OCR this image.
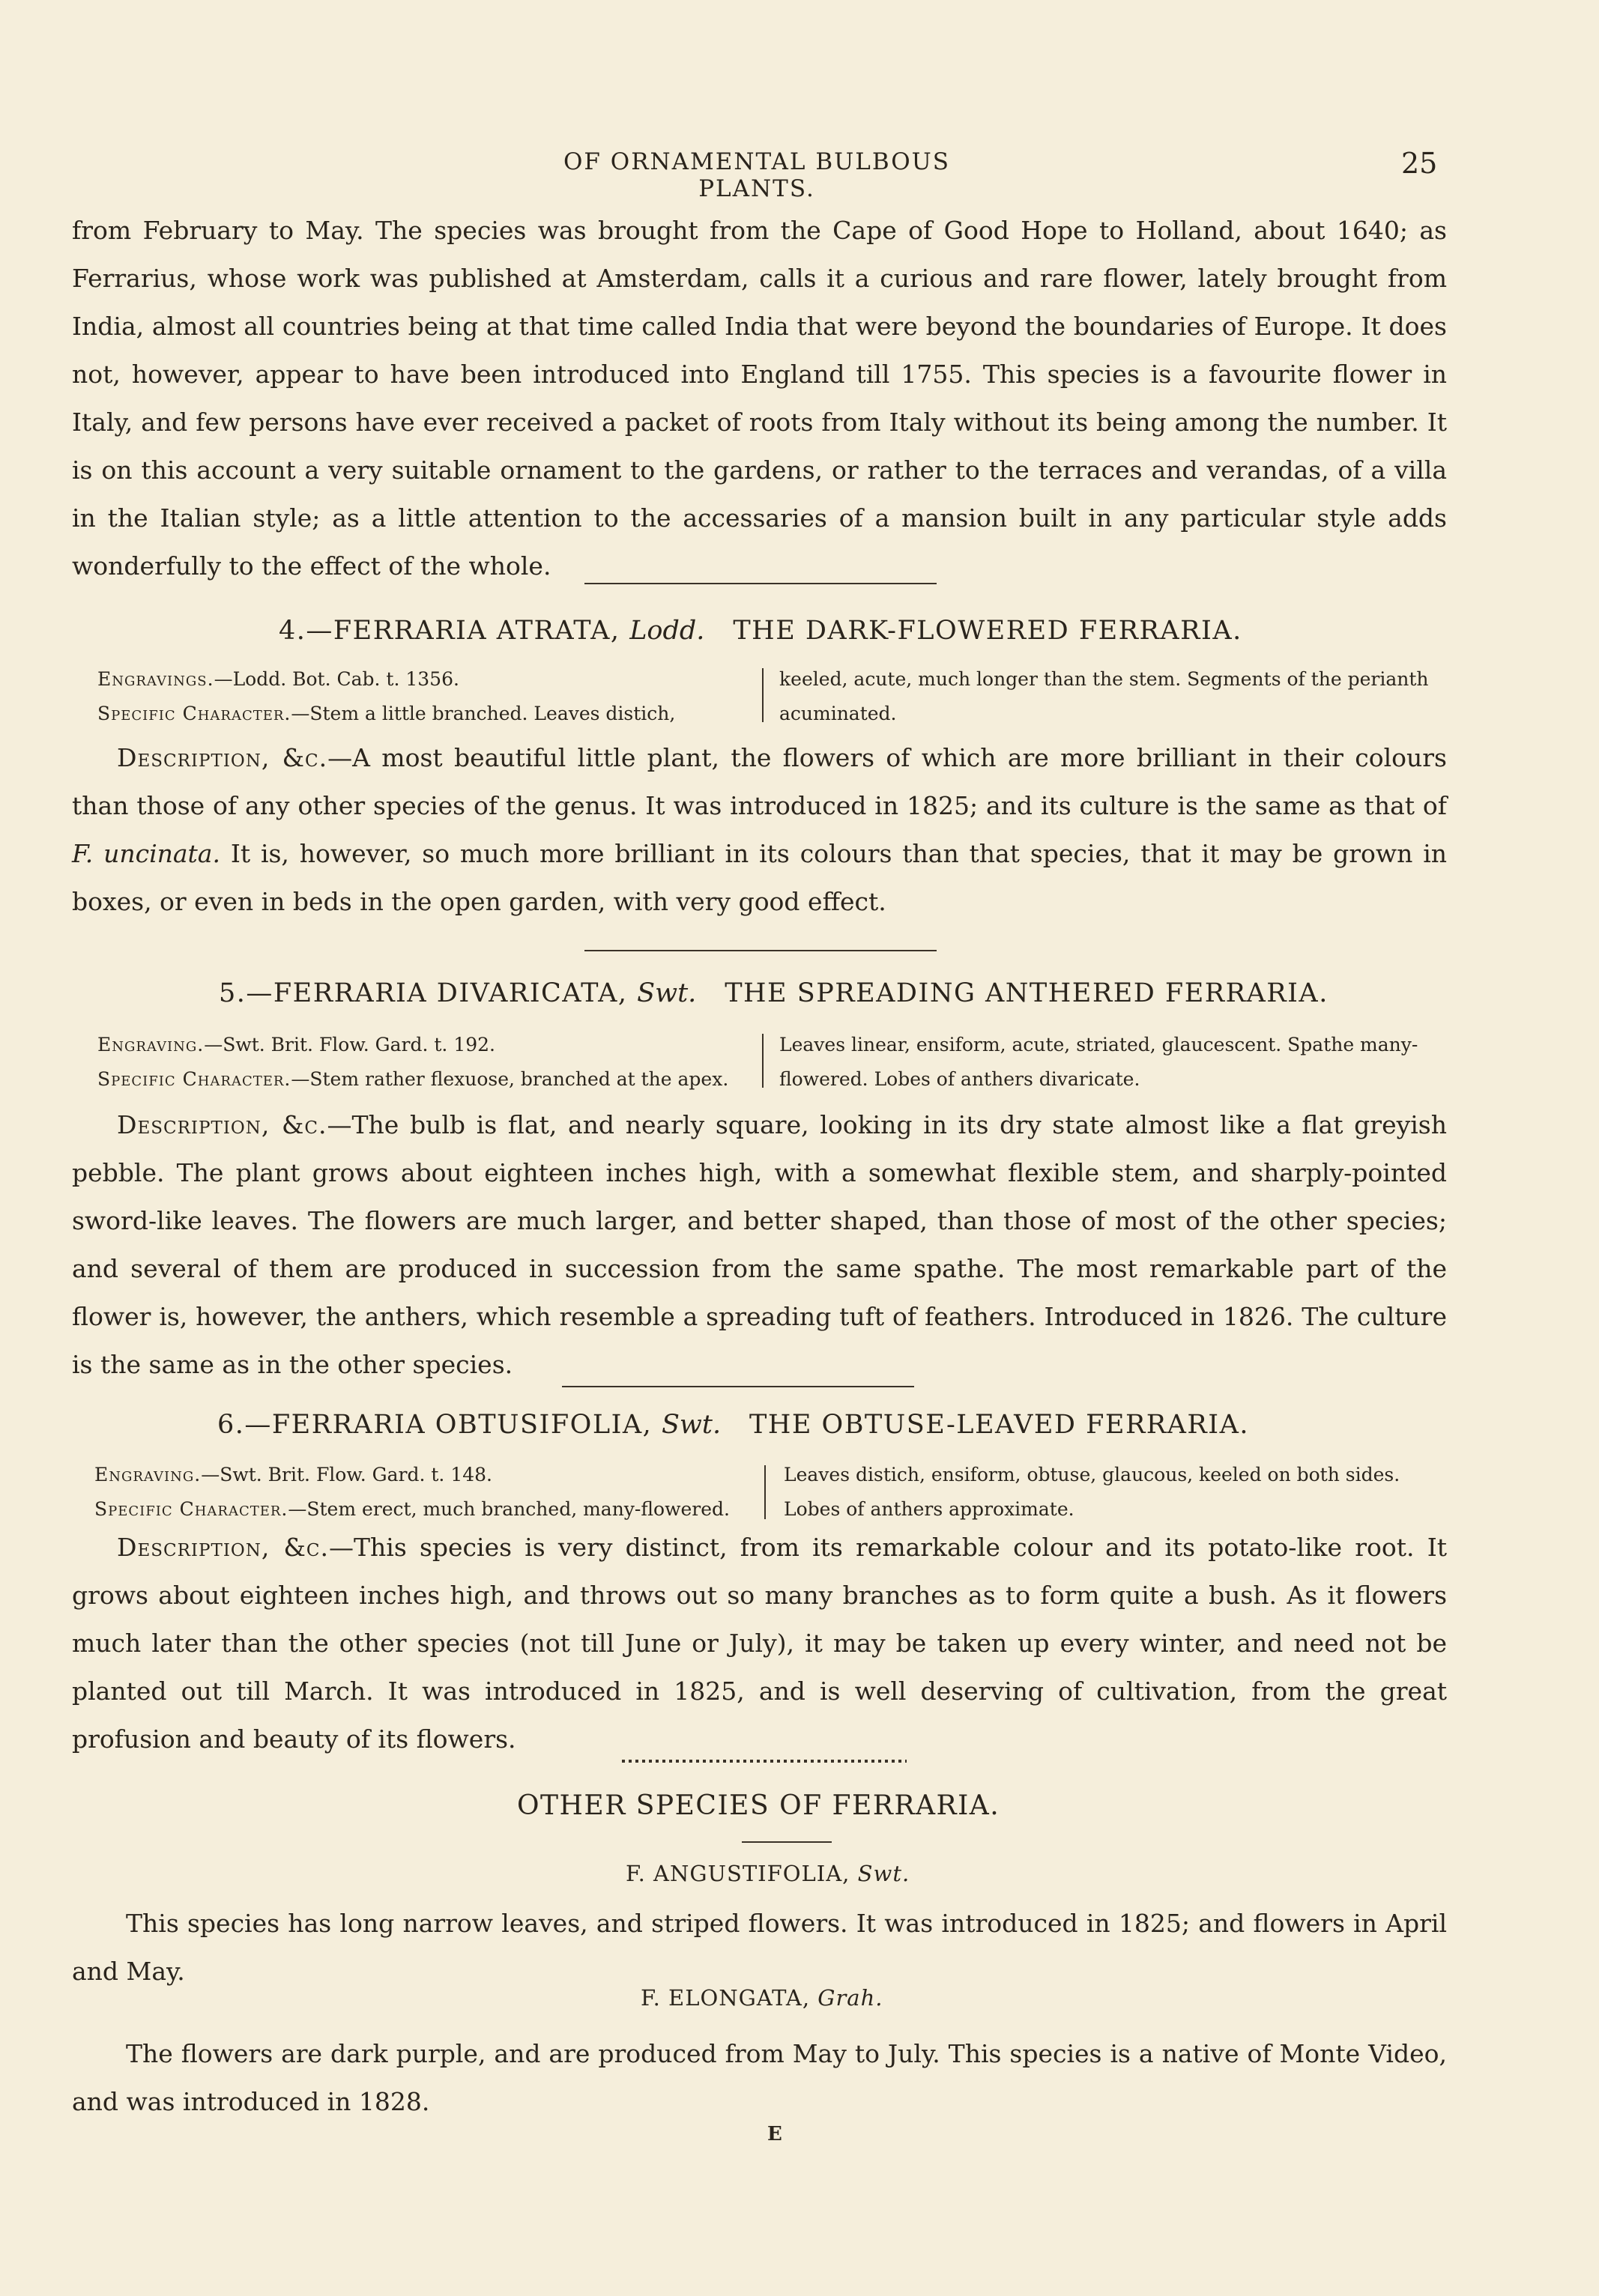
OF ORNAMENTAL BULBOUS PLANTS.
25
from February to May. The species was brought from the Cape of Good Hope to Holland, about 1640; as Ferrarius, whose work was published at Amsterdam, calls it a curious and rare flower, lately brought from India, almost all countries being at that time called India that were beyond the boundaries of Europe. It does not, however, appear to have been introduced into England till 1755. This species is a favourite flower in Italy, and few persons have ever received a packet of roots from Italy without its being among the number. It is on this account a very suitable ornament to the gardens, or rather to the terraces and verandas, of a villa in the Italian style; as a little attention to the accessaries of a mansion built in any particular style adds wonderfully to the effect of the whole.
4.—FERRARIA ATRATA, Lodd. THE DARK-FLOWERED FERRARIA.
Engravings.—Lodd. Bot. Cab. t. 1356.
Specific Character.—Stem a little branched. Leaves distich,
keeled, acute, much longer than the stem. Segments of the perianth
acuminated.
Description, &c.—A most beautiful little plant, the flowers of which are more brilliant in their colours than those of any other species of the genus. It was introduced in 1825; and its culture is the same as that of F. uncinata. It is, however, so much more brilliant in its colours than that species, that it may be grown in boxes, or even in beds in the open garden, with very good effect.
5.—FERRARIA DIVARICATA, Swt. THE SPREADING ANTHERED FERRARIA.
Engraving.—Swt. Brit. Flow. Gard. t. 192.
Specific Character.—Stem rather flexuose, branched at the apex.
Leaves linear, ensiform, acute, striated, glaucescent. Spathe many-
flowered. Lobes of anthers divaricate.
Description, &c.—The bulb is flat, and nearly square, looking in its dry state almost like a flat greyish pebble. The plant grows about eighteen inches high, with a somewhat flexible stem, and sharply-pointed sword-like leaves. The flowers are much larger, and better shaped, than those of most of the other species; and several of them are produced in succession from the same spathe. The most remarkable part of the flower is, however, the anthers, which resemble a spreading tuft of feathers. Introduced in 1826. The culture is the same as in the other species.
6.—FERRARIA OBTUSIFOLIA, Swt. THE OBTUSE-LEAVED FERRARIA.
Engraving.—Swt. Brit. Flow. Gard. t. 148.
Specific Character.—Stem erect, much branched, many-flowered.
Leaves distich, ensiform, obtuse, glaucous, keeled on both sides.
Lobes of anthers approximate.
Description, &c.—This species is very distinct, from its remarkable colour and its potato-like root. It grows about eighteen inches high, and throws out so many branches as to form quite a bush. As it flowers much later than the other species (not till June or July), it may be taken up every winter, and need not be planted out till March. It was introduced in 1825, and is well deserving of cultivation, from the great profusion and beauty of its flowers.
OTHER SPECIES OF FERRARIA.
F. ANGUSTIFOLIA, Swt.
This species has long narrow leaves, and striped flowers. It was introduced in 1825; and flowers in April and May.
F. ELONGATA, Grah.
The flowers are dark purple, and are produced from May to July. This species is a native of Monte Video, and was introduced in 1828.
E
